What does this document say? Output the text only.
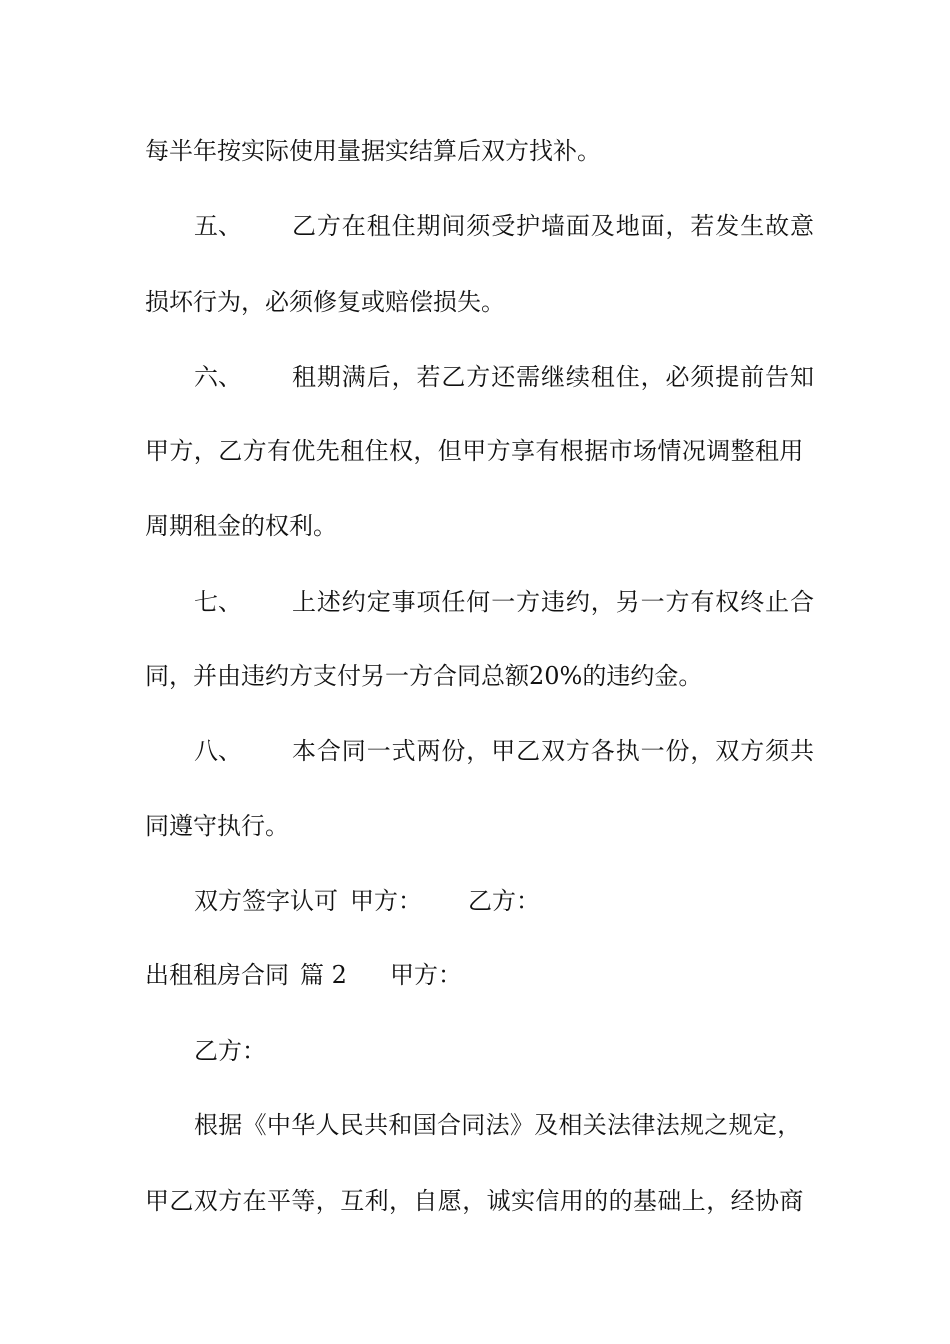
每半年按实际使用量据实结算后双方找补。
五、 乙方在租住期间须受护墙面及地面，若发生故意
损坏行为，必须修复或赔偿损失。
六、 租期满后，若乙方还需继续租住，必须提前告知
甲方，乙方有优先租住权，但甲方享有根据市场情况调整租用
周期租金的权利。
七、 上述约定事项任何一方违约，另一方有权终止合
同，并由违约方支付另一方合同总额20%的违约金。
八、 本合同一式两份，甲乙双方各执一份，双方须共
同遵守执行。
双方签字认可 甲方： 乙方：
出租租房合同 篇 2 甲方：
乙方：
根据《中华人民共和国合同法》及相关法律法规之规定，
甲乙双方在平等，互利，自愿，诚实信用的的基础上，经协商
